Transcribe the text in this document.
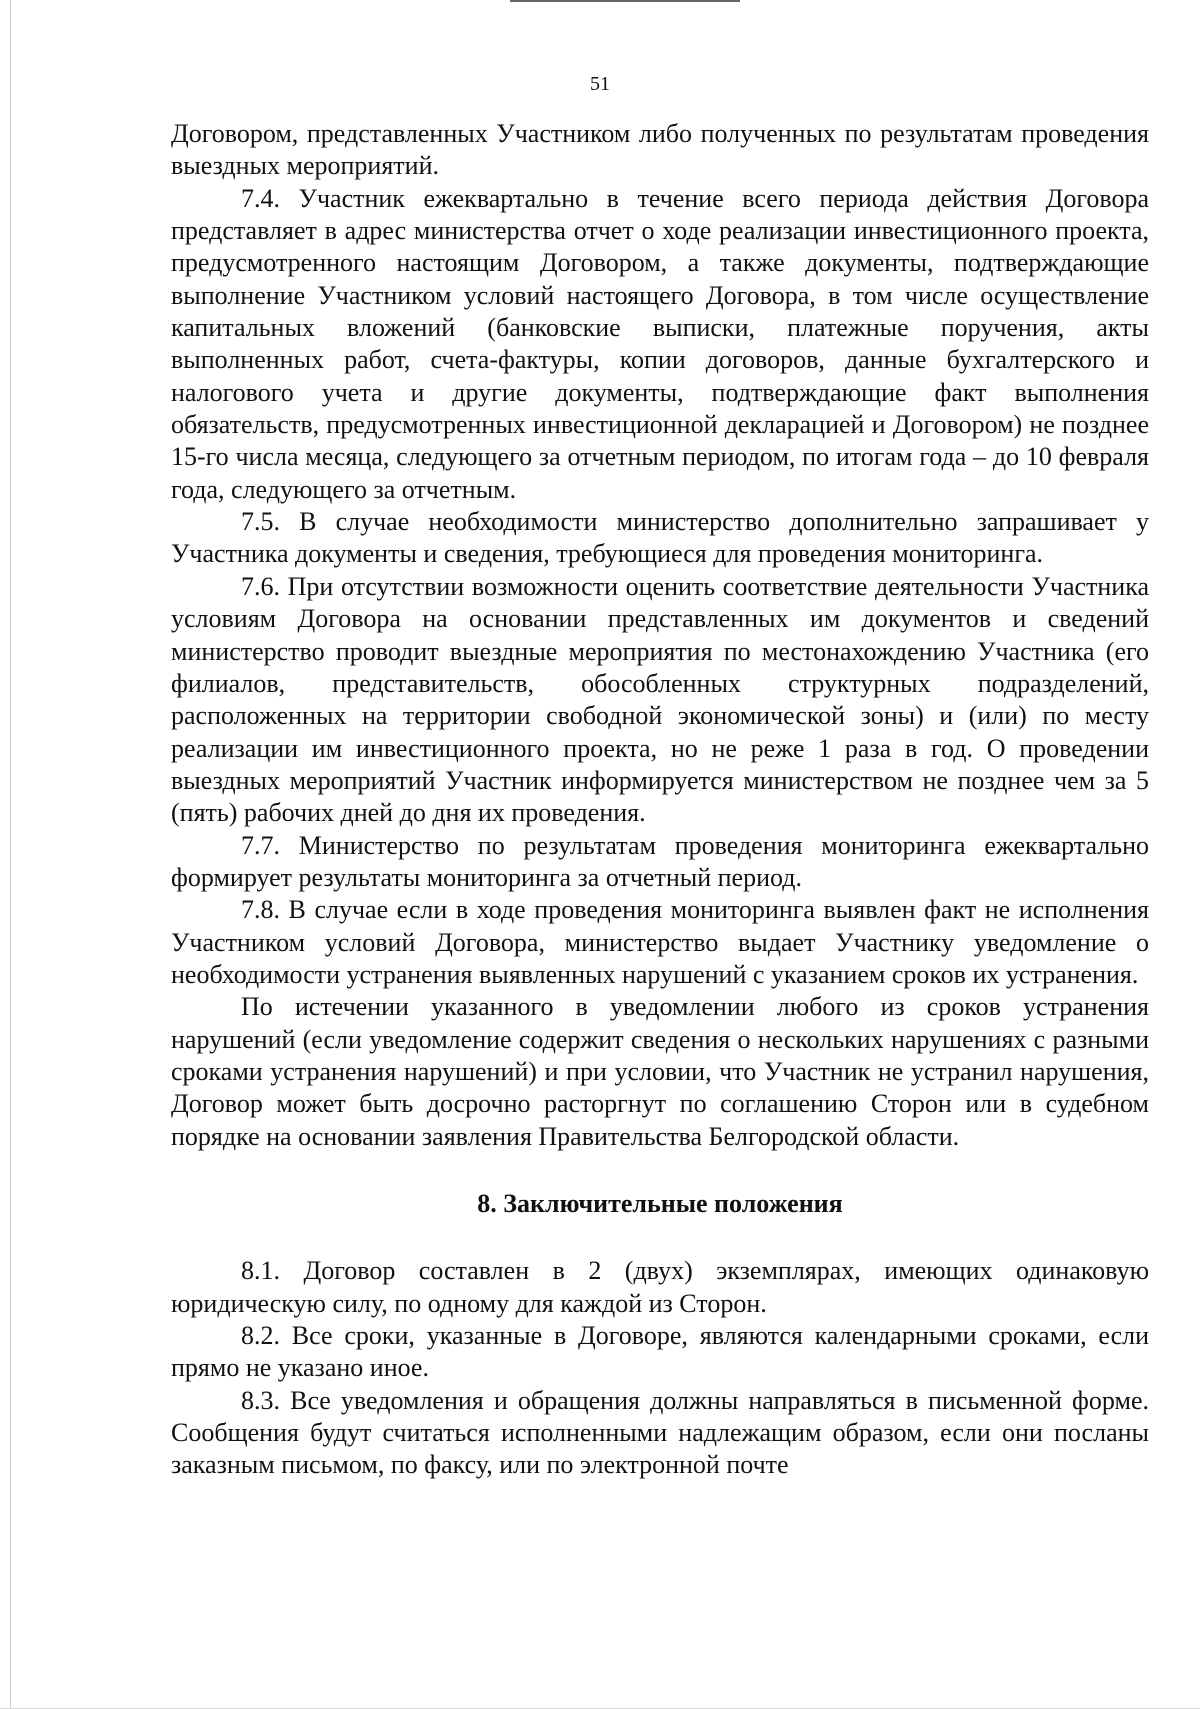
51

Договором, представленных Участником либо полученных по результатам проведения выездных мероприятий.

7.4. Участник ежеквартально в течение всего периода действия Договора представляет в адрес министерства отчет о ходе реализации инвестиционного проекта, предусмотренного настоящим Договором, а также документы, подтверждающие выполнение Участником условий настоящего Договора, в том числе осуществление капитальных вложений (банковские выписки, платежные поручения, акты выполненных работ, счета-фактуры, копии договоров, данные бухгалтерского и налогового учета и другие документы, подтверждающие факт выполнения обязательств, предусмотренных инвестиционной декларацией и Договором) не позднее 15-го числа месяца, следующего за отчетным периодом, по итогам года – до 10 февраля года, следующего за отчетным.

7.5. В случае необходимости министерство дополнительно запрашивает у Участника документы и сведения, требующиеся для проведения мониторинга.

7.6. При отсутствии возможности оценить соответствие деятельности Участника условиям Договора на основании представленных им документов и сведений министерство проводит выездные мероприятия по местонахождению Участника (его филиалов, представительств, обособленных структурных подразделений, расположенных на территории свободной экономической зоны) и (или) по месту реализации им инвестиционного проекта, но не реже 1 раза в год. О проведении выездных мероприятий Участник информируется министерством не позднее чем за 5 (пять) рабочих дней до дня их проведения.

7.7. Министерство по результатам проведения мониторинга ежеквартально формирует результаты мониторинга за отчетный период.

7.8. В случае если в ходе проведения мониторинга выявлен факт не исполнения Участником условий Договора, министерство выдает Участнику уведомление о необходимости устранения выявленных нарушений с указанием сроков их устранения.

По истечении указанного в уведомлении любого из сроков устранения нарушений (если уведомление содержит сведения о нескольких нарушениях с разными сроками устранения нарушений) и при условии, что Участник не устранил нарушения, Договор может быть досрочно расторгнут по соглашению Сторон или в судебном порядке на основании заявления Правительства Белгородской области.

8. Заключительные положения

8.1. Договор составлен в 2 (двух) экземплярах, имеющих одинаковую юридическую силу, по одному для каждой из Сторон.

8.2. Все сроки, указанные в Договоре, являются календарными сроками, если прямо не указано иное.

8.3. Все уведомления и обращения должны направляться в письменной форме. Сообщения будут считаться исполненными надлежащим образом, если они посланы заказным письмом, по факсу, или по электронной почте
